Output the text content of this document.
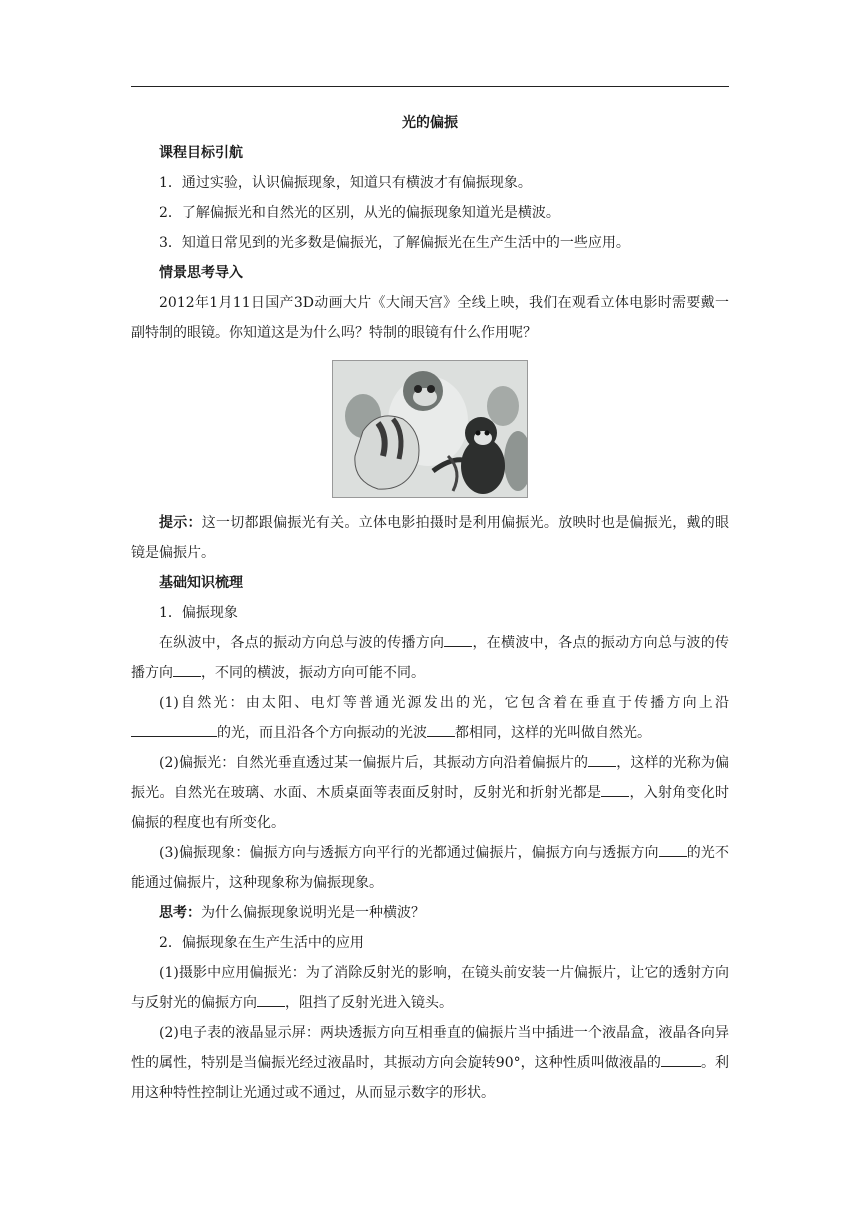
光的偏振
课程目标引航
1．通过实验，认识偏振现象，知道只有横波才有偏振现象。
2．了解偏振光和自然光的区别，从光的偏振现象知道光是横波。
3．知道日常见到的光多数是偏振光，了解偏振光在生产生活中的一些应用。
情景思考导入
2012年1月11日国产3D动画大片《大闹天宫》全线上映，我们在观看立体电影时需要戴一副特制的眼镜。你知道这是为什么吗？特制的眼镜有什么作用呢？
提示：这一切都跟偏振光有关。立体电影拍摄时是利用偏振光。放映时也是偏振光，戴的眼镜是偏振片。
基础知识梳理
1．偏振现象
在纵波中，各点的振动方向总与波的传播方向 ，在横波中，各点的振动方向总与波的传播方向 ，不同的横波，振动方向可能不同。
(1)自然光：由太阳、电灯等普通光源发出的光，它包含着在垂直于传播方向上沿的光，而且沿各个方向振动的光波 都相同，这样的光叫做自然光。
(2)偏振光：自然光垂直透过某一偏振片后，其振动方向沿着偏振片的 ，这样的光称为偏振光。自然光在玻璃、水面、木质桌面等表面反射时，反射光和折射光都是 ，入射角变化时偏振的程度也有所变化。
(3)偏振现象：偏振方向与透振方向平行的光都通过偏振片，偏振方向与透振方向 的光不能通过偏振片，这种现象称为偏振现象。
思考：为什么偏振现象说明光是一种横波？
2．偏振现象在生产生活中的应用
(1)摄影中应用偏振光：为了消除反射光的影响，在镜头前安装一片偏振片，让它的透射方向与反射光的偏振方向 ，阻挡了反射光进入镜头。
(2)电子表的液晶显示屏：两块透振方向互相垂直的偏振片当中插进一个液晶盒，液晶各向异性的属性，特别是当偏振光经过液晶时，其振动方向会旋转90°，这种性质叫做液晶的	。利用这种特性控制让光通过或不通过，从而显示数字的形状。
